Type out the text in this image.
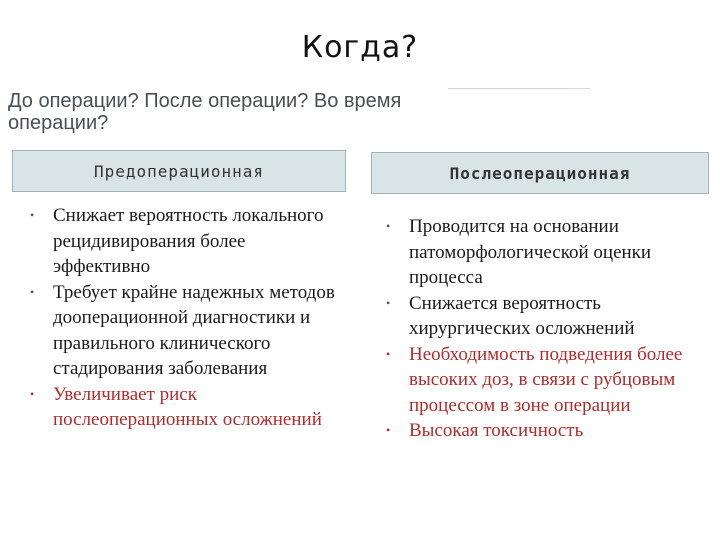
Когда?
До операции? После операции? Во время операции?
Предоперационная	Послеоперационная
• Снижает вероятность локального рецидивирования более эффективно
• Требует крайне надежных методов дооперационной диагностики и правильного клинического стадирования заболевания
• Увеличивает риск послеоперационных осложнений
• Проводится на основании патоморфологической оценки процесса
• Снижается вероятность хирургических осложнений
• Необходимость подведения более высоких доз, в связи с рубцовым процессом в зоне операции
• Высокая токсичность
